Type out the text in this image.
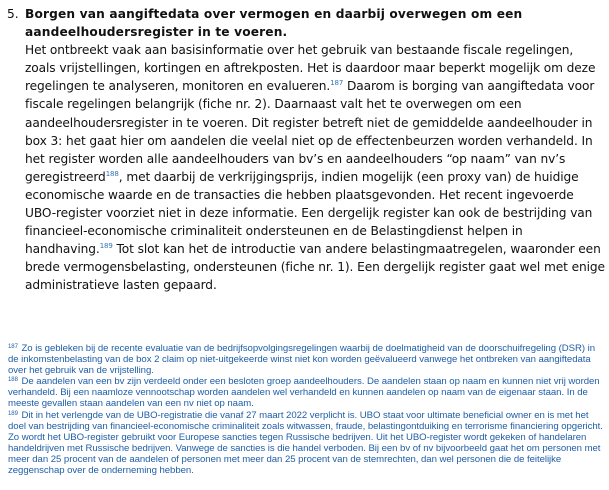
5. Borgen van aangiftedata over vermogen en daarbij overwegen om een aandeelhoudersregister in te voeren.

Het ontbreekt vaak aan basisinformatie over het gebruik van bestaande fiscale regelingen, zoals vrijstellingen, kortingen en aftrekposten. Het is daardoor maar beperkt mogelijk om deze regelingen te analyseren, monitoren en evalueren.$^{187}$ Daarom is borging van aangiftedata voor fiscale regelingen belangrijk (fiche nr. 2). Daarnaast valt het te overwegen om een aandeelhoudersregister in te voeren. Dit register betreft niet de gemiddelde aandeelhouder in box 3: het gaat hier om aandelen die veelal niet op de effectenbeurzen worden verhandeld. In het register worden alle aandeelhouders van bv’s en aandeelhouders “op naam” van nv’s geregistreerd$^{188}$, met daarbij de verkrijgingsprijs, indien mogelijk (een proxy van) de huidige economische waarde en de transacties die hebben plaatsgevonden. Het recent ingevoerde UBO-register voorziet niet in deze informatie. Een dergelijk register kan ook de bestrijding van financieel-economische criminaliteit ondersteunen en de Belastingdienst helpen in handhaving.$^{189}$ Tot slot kan het de introductie van andere belastingmaatregelen, waaronder een brede vermogensbelasting, ondersteunen (fiche nr. 1). Een dergelijk register gaat wel met enige administratieve lasten gepaard.

$^{187}$ Zo is gebleken bij de recente evaluatie van de bedrijfsopvolgingsregelingen waarbij de doelmatigheid van de doorschuifregeling (DSR) in de inkomstenbelasting van de box 2 claim op niet-uitgekeerde winst niet kon worden geëvalueerd vanwege het ontbreken van aangiftedata over het gebruik van de vrijstelling.

$^{188}$ De aandelen van een bv zijn verdeeld onder een besloten groep aandeelhouders. De aandelen staan op naam en kunnen niet vrij worden verhandeld. Bij een naamloze vennootschap worden aandelen wel verhandeld en kunnen aandelen op naam van de eigenaar staan. In de meeste gevallen staan aandelen van een nv niet op naam.

$^{189}$ Dit in het verlengde van de UBO-registratie die vanaf 27 maart 2022 verplicht is. UBO staat voor ultimate beneficial owner en is met het doel van bestrijding van financieel-economische criminaliteit zoals witwassen, fraude, belastingontduiking en terrorisme financiering opgericht. Zo wordt het UBO-register gebruikt voor Europese sancties tegen Russische bedrijven. Uit het UBO-register wordt gekeken of handelaren handeldrijven met Russische bedrijven. Vanwege de sancties is die handel verboden. Bij een bv of nv bijvoorbeeld gaat het om personen met meer dan 25 procent van de aandelen of personen met meer dan 25 procent van de stemrechten, dan wel personen die de feitelijke zeggenschap over de onderneming hebben.
